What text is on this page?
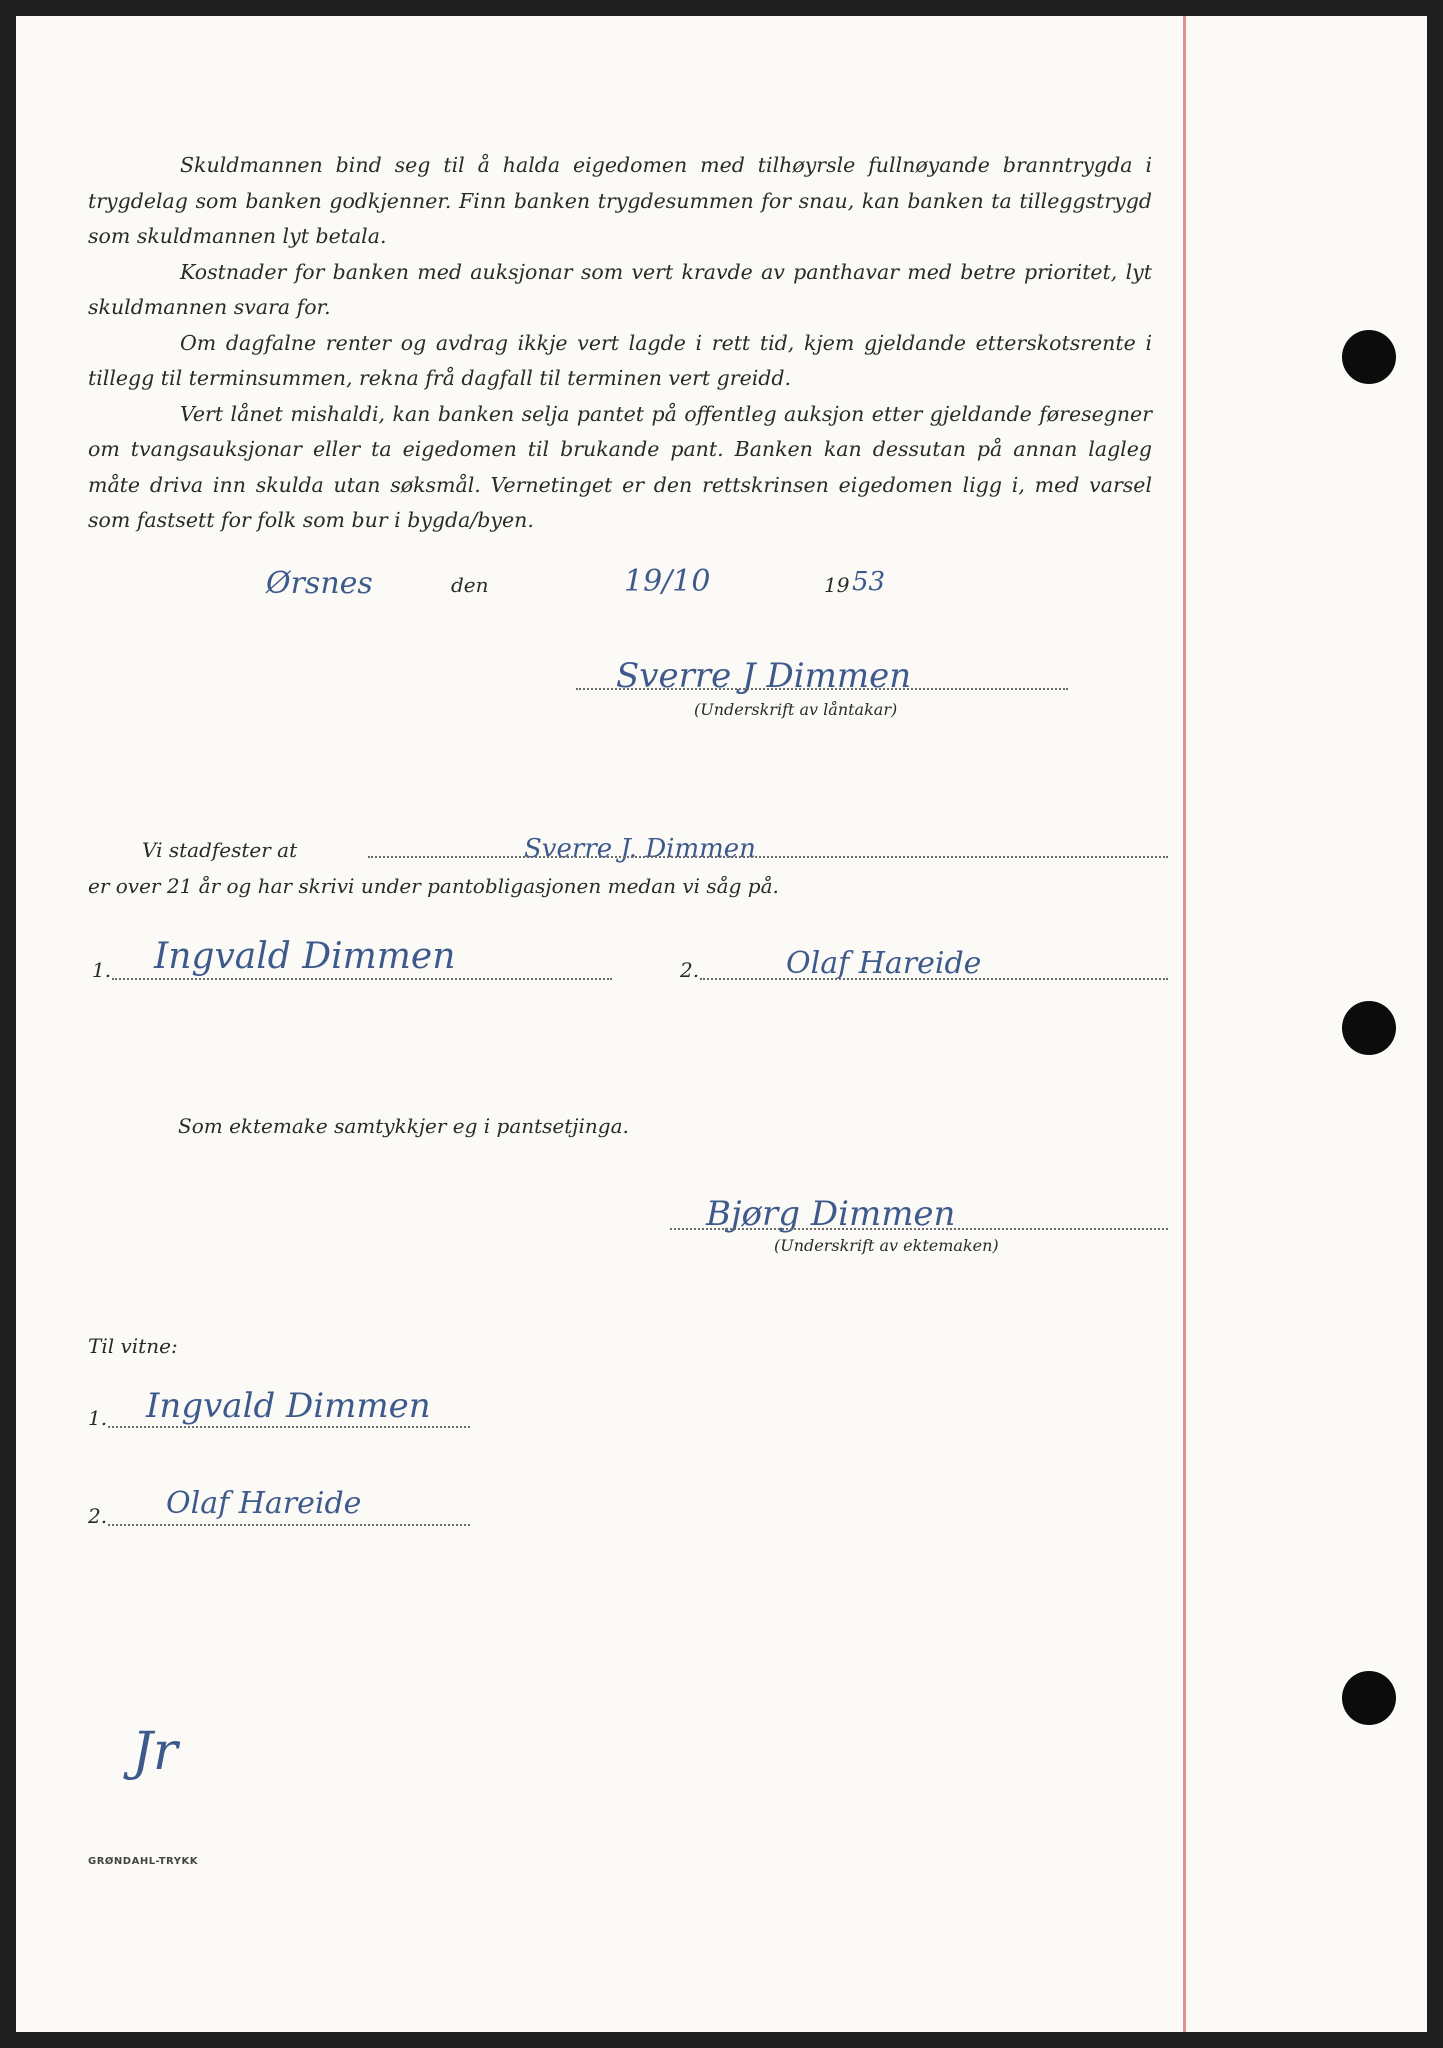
Skuldmannen bind seg til å halda eigedomen med tilhøyrsle fullnøyande branntrygda i trygdelag som banken godkjenner. Finn banken trygdesummen for snau, kan banken ta tilleggstrygd som skuldmannen lyt betala.

Kostnader for banken med auksjonar som vert kravde av panthavar med betre prioritet, lyt skuldmannen svara for.

Om dagfalne renter og avdrag ikkje vert lagde i rett tid, kjem gjeldande etterskotsrente i tillegg til terminsummen, rekna frå dagfall til terminen vert greidd.

Vert lånet mishaldi, kan banken selja pantet på offentleg auksjon etter gjeldande føresegner om tvangsauksjonar eller ta eigedomen til brukande pant. Banken kan dessutan på annan lagleg måte driva inn skulda utan søksmål. Vernetinget er den rettskrinsen eigedomen ligg i, med varsel som fastsett for folk som bur i bygda/byen.

Ørsnes	den	19/10	19 53
Sverre J Dimmen
(Underskrift av låntakar)
Vi stadfester at	Sverre J. Dimmen
er over 21 år og har skrivi under pantobligasjonen medan vi såg på.
1. Ingvald Dimmen	2.	Olaf Hareide
Som ektemake samtykkjer eg i pantsetjinga.
Bjørg Dimmen
(Underskrift av ektemaken)
Til vitne:
1. Ingvald Dimmen
2. Olaf Hareide
Jr
GRØNDAHL-TRYKK
